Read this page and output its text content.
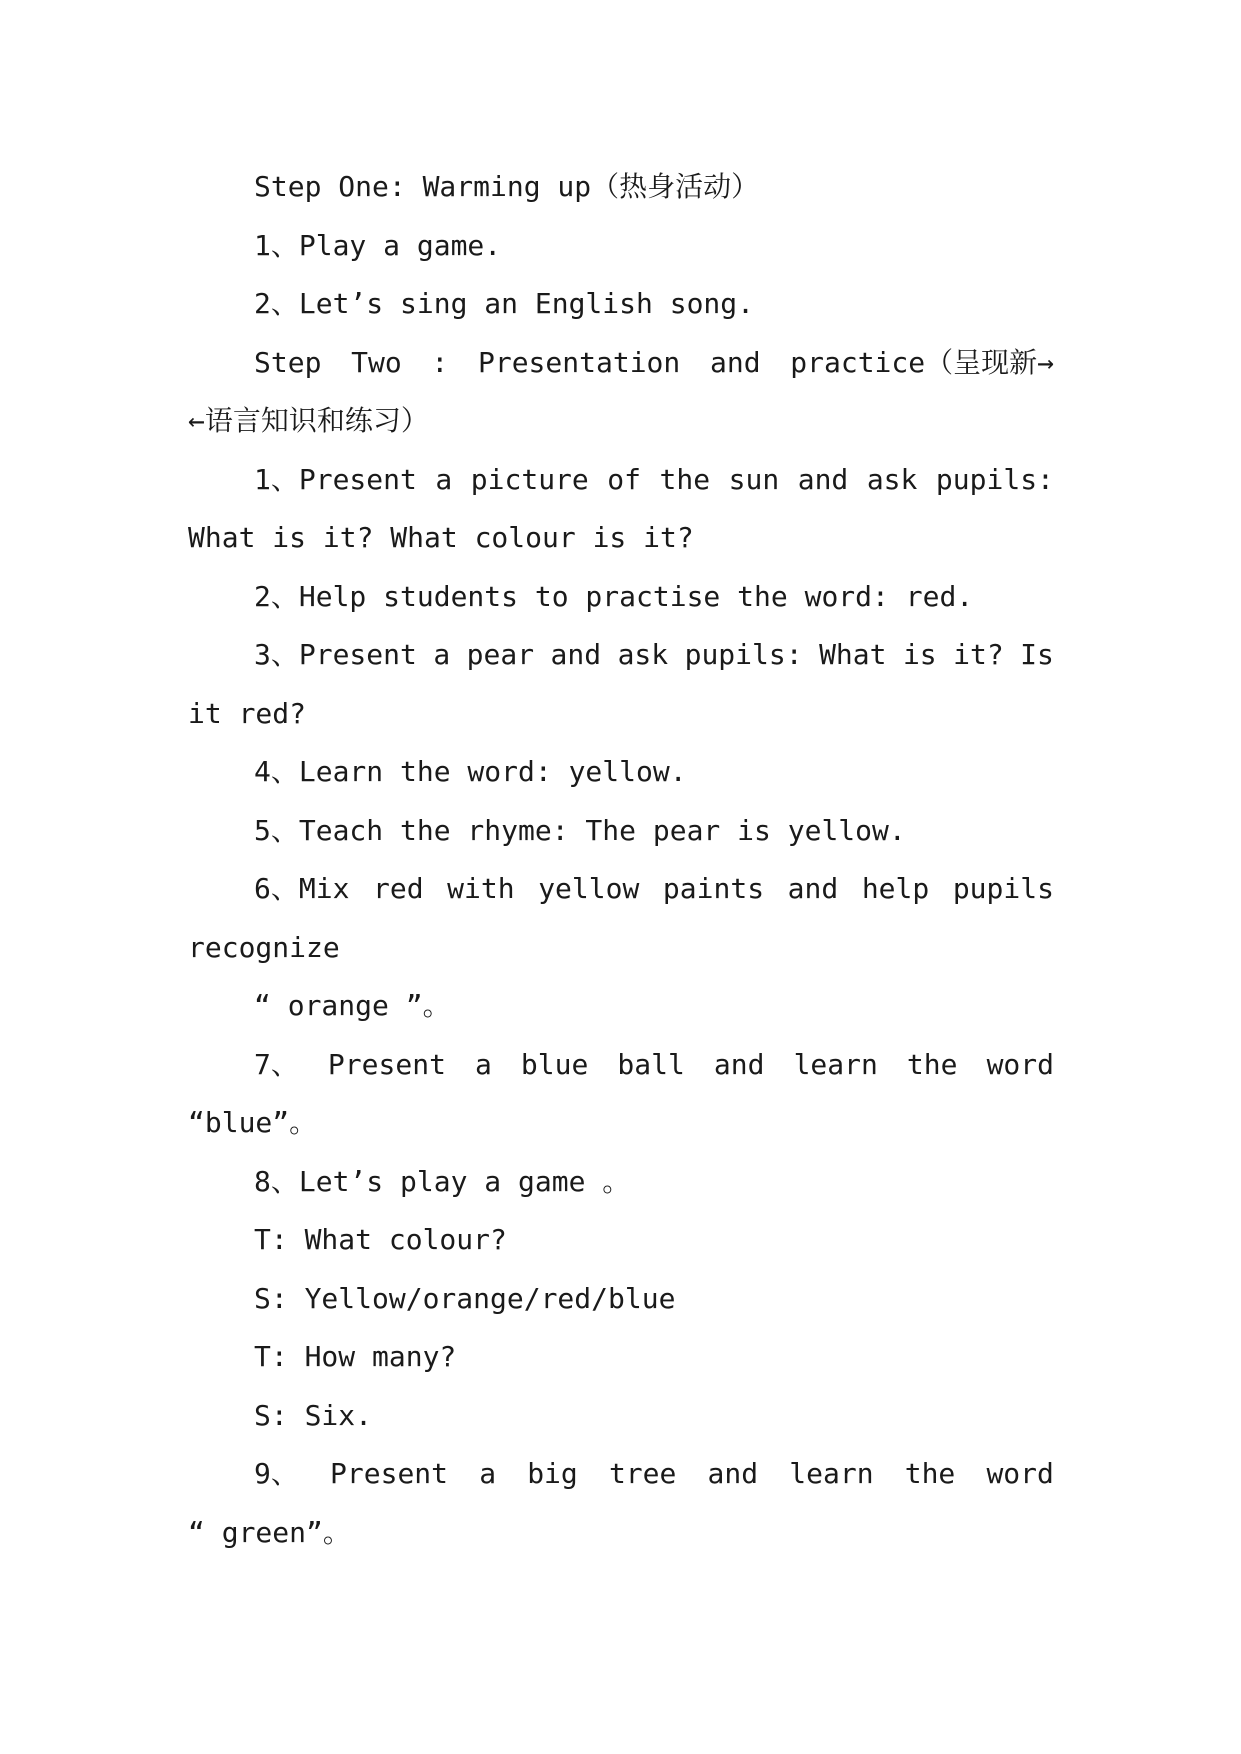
Step One: Warming up（热身活动）
1、Play a game.
2、Let’s sing an English song.
Step Two : Presentation and practice（呈现新→
←语言知识和练习）
1、Present a picture of the sun and ask pupils:
What is it? What colour is it?
2、Help students to practise the word: red.
3、Present a pear and ask pupils: What is it? Is
it red?
4、Learn the word: yellow.
5、Teach the rhyme: The pear is yellow.
6、Mix red with yellow paints and help pupils
recognize
“ orange ”。
7、 Present a blue ball and learn the word
“blue”。
8、Let’s play a game 。
T: What colour?
S: Yellow/orange/red/blue
T: How many?
S: Six.
9、 Present a big tree and learn the word
“ green”。
